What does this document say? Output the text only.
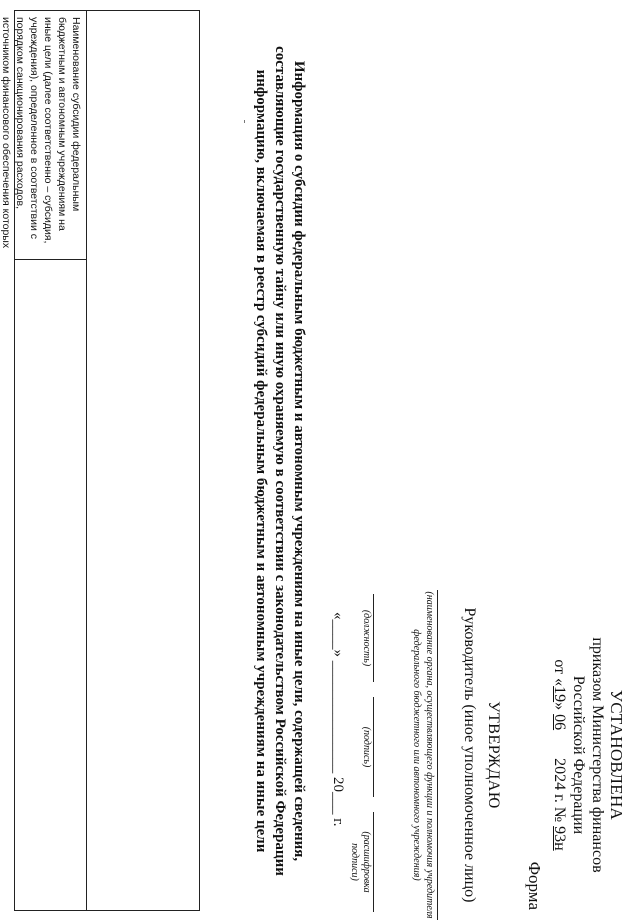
УСТАНОВЛЕНА
приказом Министерства финансов
Российской Федерации
от «19» 06       2024 г. № 93н
Форма
УТВЕРЖДАЮ
Руководитель (иное уполномоченное лицо)
(наименование органа, осуществляющего функции и полномочия учредителя федерального бюджетного или автономного учреждения)
(должность)
(подпись)
(расшифровка подписи)
«____» _______________ 20___ г.
Информация о субсидии федеральным бюджетным и автономным учреждениям на иные цели, содержащей сведения, составляющие государственную тайну или иную охраняемую в соответствии с законодательством Российской Федерации информацию, включаемая в реестр субсидий федеральным бюджетным и автономным учреждениям на иные цели
Наименование субсидии федеральным бюджетным и автономным учреждениям на иные цели (далее соответственно – субсидия, учреждения), определенное в соответствии с порядком санкционирования расходов, источником финансового обеспечения которых
